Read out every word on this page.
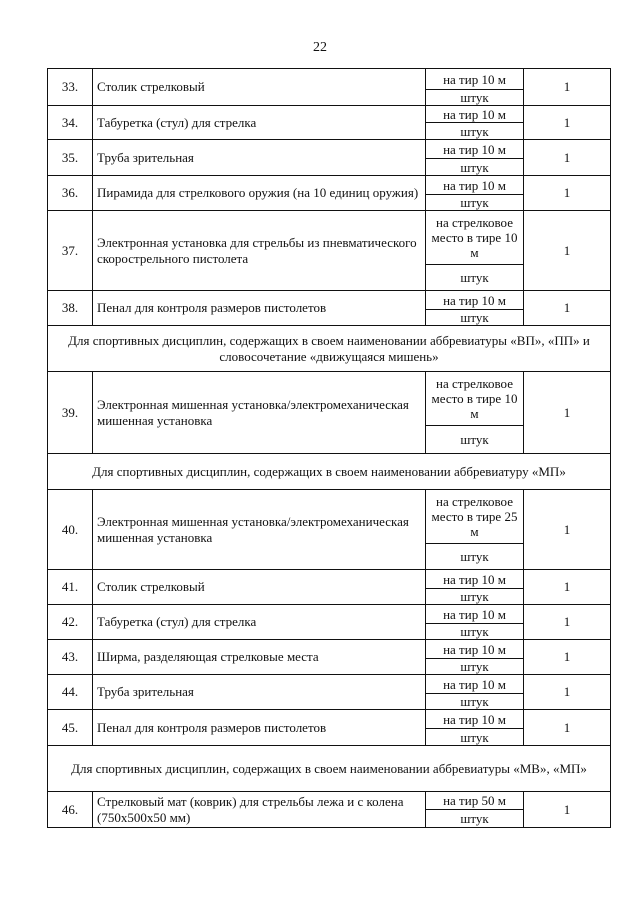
22
33.	Столик стрелковый	на тир 10 м	1
		штук	
34.	Табуретка (стул) для стрелка	на тир 10 м	1
		штук	
35.	Труба зрительная	на тир 10 м	1
		штук	
36.	Пирамида для стрелкового оружия (на 10 единиц оружия)	на тир 10 м	1
		штук	
37.	Электронная установка для стрельбы из пневматического скорострельного пистолета	на стрелковое место в тире 10 м	1
		штук	
38.	Пенал для контроля размеров пистолетов	на тир 10 м	1
		штук	
Для спортивных дисциплин, содержащих в своем наименовании аббревиатуры «ВП», «ПП» и словосочетание «движущаяся мишень»			
39.	Электронная мишенная установка/электромеханическая мишенная установка	на стрелковое место в тире 10 м	1
		штук	
Для спортивных дисциплин, содержащих в своем наименовании аббревиатуру «МП»			
40.	Электронная мишенная установка/электромеханическая мишенная установка	на стрелковое место в тире 25 м	1
		штук	
41.	Столик стрелковый	на тир 10 м	1
		штук	
42.	Табуретка (стул) для стрелка	на тир 10 м	1
		штук	
43.	Ширма, разделяющая стрелковые места	на тир 10 м	1
		штук	
44.	Труба зрительная	на тир 10 м	1
		штук	
45.	Пенал для контроля размеров пистолетов	на тир 10 м	1
		штук	
Для спортивных дисциплин, содержащих в своем наименовании аббревиатуры «МВ», «МП»			
46.	Стрелковый мат (коврик) для стрельбы лежа и с колена (750х500х50 мм)	на тир 50 м	1
		штук	
